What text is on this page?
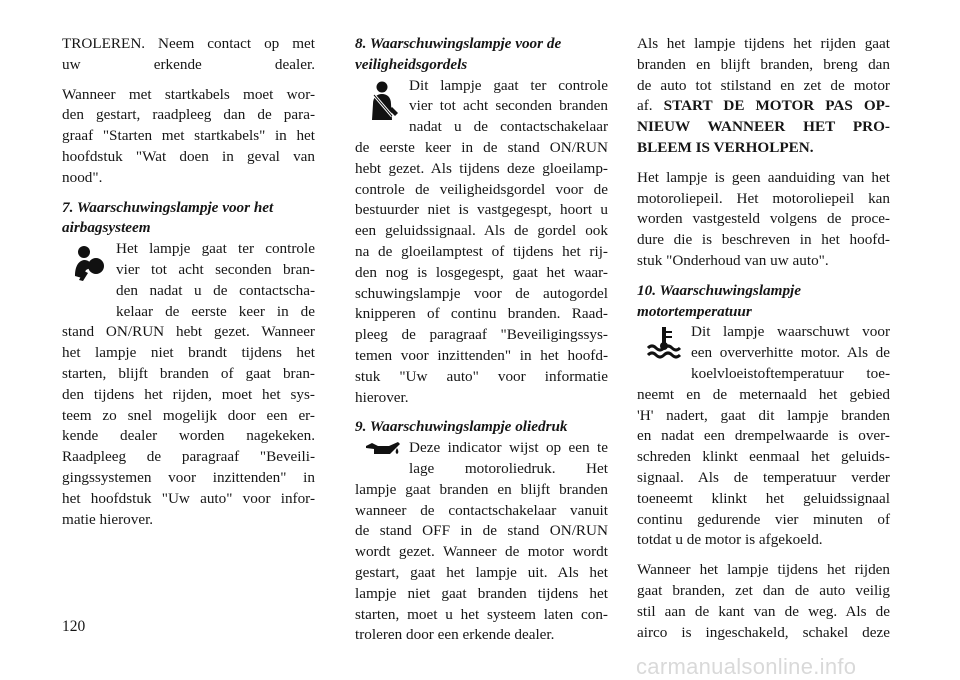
TROLEREN. Neem contact op met
uw erkende dealer.

Wanneer met startkabels moet wor-
den gestart, raadpleeg dan de para-
graaf "Starten met startkabels" in het
hoofdstuk "Wat doen in geval van
nood".

7. Waarschuwingslampje voor het
airbagsysteem
Het lampje gaat ter controle
vier tot acht seconden bran-
den nadat u de contactscha-
kelaar de eerste keer in de
stand ON/RUN hebt gezet. Wanneer
het lampje niet brandt tijdens het
starten, blijft branden of gaat bran-
den tijdens het rijden, moet het sys-
teem zo snel mogelijk door een er-
kende dealer worden nagekeken.
Raadpleeg de paragraaf "Beveili-
gingssystemen voor inzittenden" in
het hoofdstuk "Uw auto" voor infor-
matie hierover.
8. Waarschuwingslampje voor de
veiligheidsgordels
Dit lampje gaat ter controle
vier tot acht seconden branden
nadat u de contactschakelaar

de eerste keer in de stand ON/RUN
hebt gezet. Als tijdens deze gloeilamp-
controle de veiligheidsgordel voor de
bestuurder niet is vastgegespt, hoort u
een geluidssignaal. Als de gordel ook
na de gloeilamptest of tijdens het rij-
den nog is losgegespt, gaat het waar-
schuwingslampje voor de autogordel
knipperen of continu branden. Raad-
pleeg de paragraaf "Beveiligingssys-
temen voor inzittenden" in het hoofd-
stuk "Uw auto" voor informatie
hierover.

9. Waarschuwingslampje oliedruk
Deze indicator wijst op een te
lage motoroliedruk. Het
lampje gaat branden en blijft branden
wanneer de contactschakelaar vanuit
de stand OFF in de stand ON/RUN
wordt gezet. Wanneer de motor wordt
gestart, gaat het lampje uit. Als het
lampje niet gaat branden tijdens het
starten, moet u het systeem laten con-
troleren door een erkende dealer.

Als het lampje tijdens het rijden gaat
branden en blijft branden, breng dan
de auto tot stilstand en zet de motor
af. START DE MOTOR PAS OP-
NIEUW WANNEER HET PRO-
BLEEM IS VERHOLPEN.

Het lampje is geen aanduiding van het
motoroliepeil. Het motoroliepeil kan
worden vastgesteld volgens de proce-
dure die is beschreven in het hoofd-
stuk "Onderhoud van uw auto".

10. Waarschuwingslampje
motortemperatuur
Dit lampje waarschuwt voor
een oververhitte motor. Als de
koelvloeistoftemperatuur toe-

neemt en de meternaald het gebied
'H' nadert, gaat dit lampje branden
en nadat een drempelwaarde is over-
schreden klinkt eenmaal het geluids-
signaal. Als de temperatuur verder
toeneemt klinkt het geluidssignaal
continu gedurende vier minuten of
totdat u de motor is afgekoeld.

Wanneer het lampje tijdens het rijden
gaat branden, zet dan de auto veilig
stil aan de kant van de weg. Als de
airco is ingeschakeld, schakel deze

120
carmanualsonline.info
